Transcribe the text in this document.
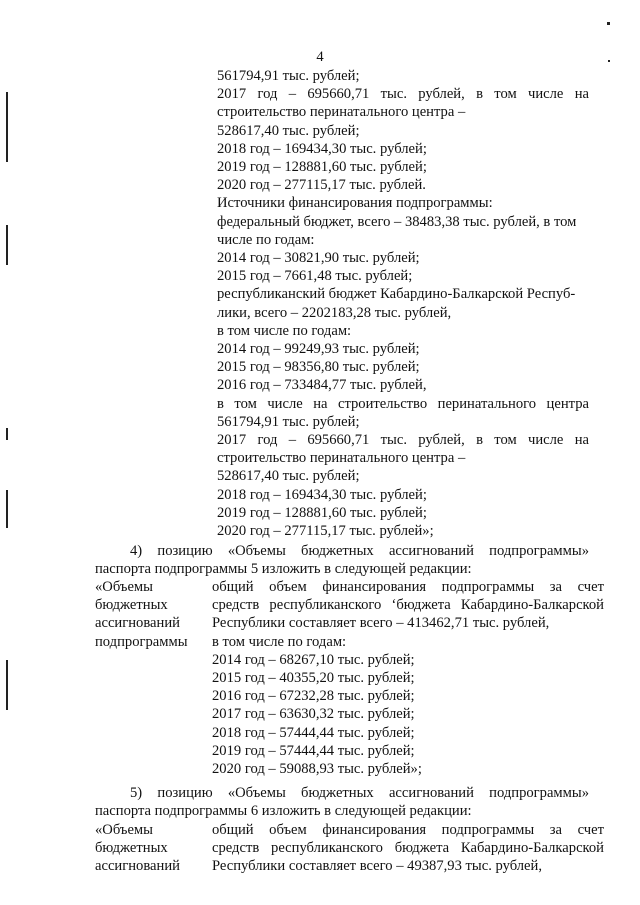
4
561794,91 тыс. рублей;
2017 год – 695660,71 тыс. рублей, в том числе на
строительство перинатального центра –
528617,40 тыс. рублей;
2018 год – 169434,30 тыс. рублей;
2019 год – 128881,60 тыс. рублей;
2020 год – 277115,17 тыс. рублей.
Источники финансирования подпрограммы:
федеральный бюджет, всего – 38483,38 тыс. рублей, в том
числе по годам:
2014 год – 30821,90 тыс. рублей;
2015 год – 7661,48 тыс. рублей;
республиканский бюджет Кабардино-Балкарской Респуб-
лики, всего – 2202183,28 тыс. рублей,
в том числе по годам:
2014 год – 99249,93 тыс. рублей;
2015 год – 98356,80 тыс. рублей;
2016 год – 733484,77 тыс. рублей,
в том числе на строительство перинатального центра
561794,91 тыс. рублей;
2017 год – 695660,71 тыс. рублей, в том числе на
строительство перинатального центра –
528617,40 тыс. рублей;
2018 год – 169434,30 тыс. рублей;
2019 год – 128881,60 тыс. рублей;
2020 год – 277115,17 тыс. рублей»;
4) позицию «Объемы бюджетных ассигнований подпрограммы»
паспорта подпрограммы 5 изложить в следующей редакции:
«Объемы
бюджетных
ассигнований
подпрограммы
общий объем финансирования подпрограммы за счет
средств республиканского ‘бюджета Кабардино-Балкарской
Республики составляет всего – 413462,71 тыс. рублей,
в том числе по годам:
2014 год – 68267,10 тыс. рублей;
2015 год – 40355,20 тыс. рублей;
2016 год – 67232,28 тыс. рублей;
2017 год – 63630,32 тыс. рублей;
2018 год – 57444,44 тыс. рублей;
2019 год – 57444,44 тыс. рублей;
2020 год – 59088,93 тыс. рублей»;
5) позицию «Объемы бюджетных ассигнований подпрограммы»
паспорта подпрограммы 6 изложить в следующей редакции:
«Объемы
бюджетных
ассигнований
общий объем финансирования подпрограммы за счет
средств республиканского бюджета Кабардино-Балкарской
Республики составляет всего – 49387,93 тыс. рублей,
